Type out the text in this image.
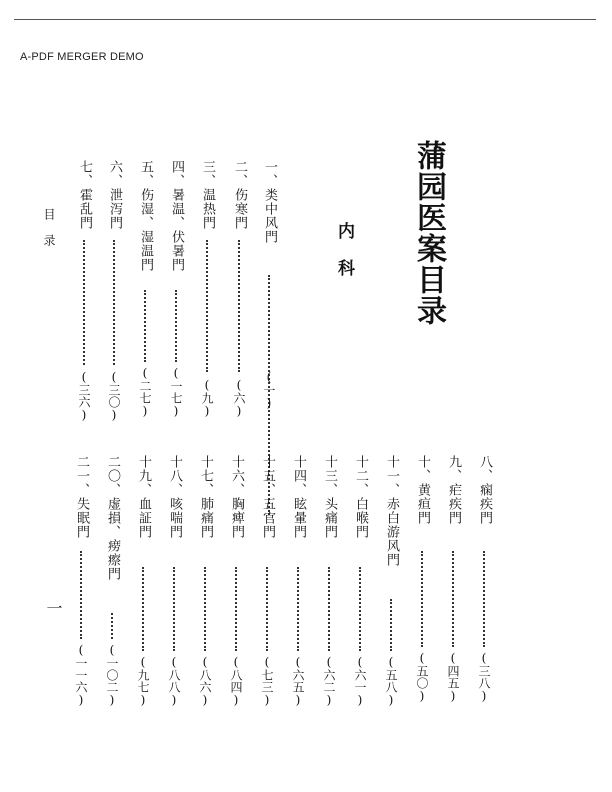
A-PDF MERGER DEMO
蒲园医案目录
内 科
目 录
一
一、类中风門
(一)
二、伤寒門
(六)
三、温热門
(九)
四、暑温、伏暑門
(一七)
五、伤湿、湿温門
(二七)
六、泄泻門
(三〇)
七、霍乱門
(三六)
八、痫疾門
(三八)
九、疟疾門
(四五)
十、黄疸門
(五〇)
十一、赤白游风門
(五八)
十二、白喉門
(六一)
十三、头痛門
(六二)
十四、眩暈門
(六五)
十五、五官門
(七三)
十六、胸痺門
(八四)
十七、肺痛門
(八六)
十八、咳喘門
(八八)
十九、血証門
(九七)
二〇、虚損、痨瘵門
(一〇二)
二一、失眠門
(一一六)
